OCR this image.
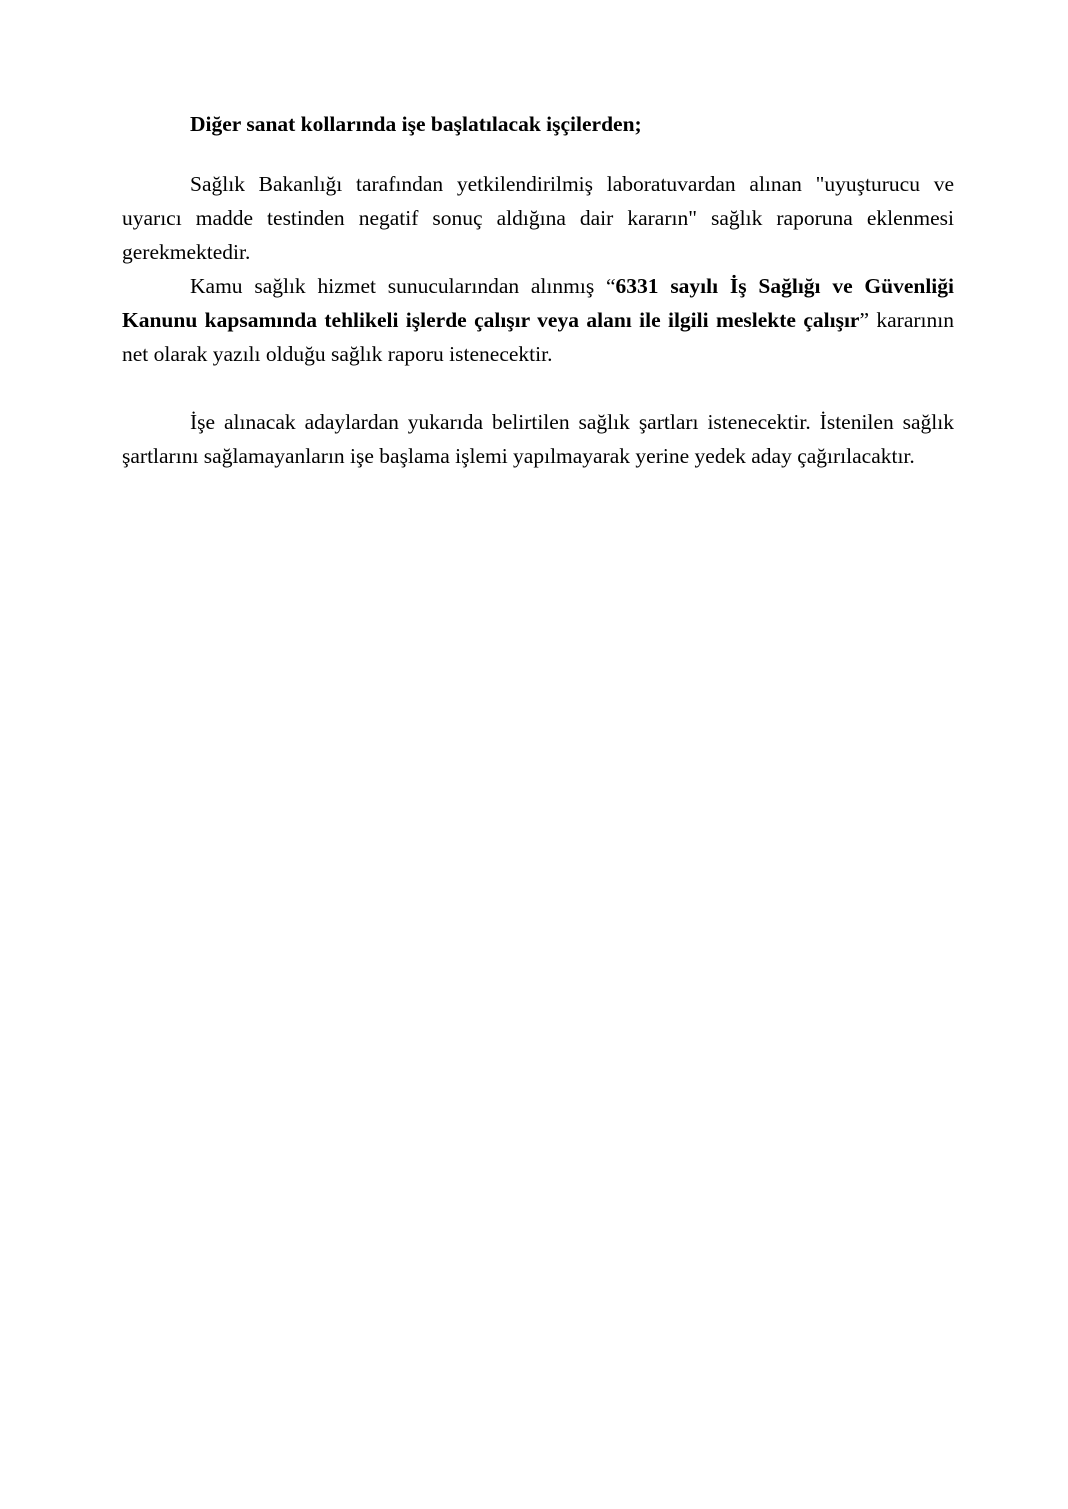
Diğer sanat kollarında işe başlatılacak işçilerden;

Sağlık Bakanlığı tarafından yetkilendirilmiş laboratuvardan alınan "uyuşturucu ve uyarıcı madde testinden negatif sonuç aldığına dair kararın" sağlık raporuna eklenmesi gerekmektedir.

Kamu sağlık hizmet sunucularından alınmış “6331 sayılı İş Sağlığı ve Güvenliği Kanunu kapsamında tehlikeli işlerde çalışır veya alanı ile ilgili meslekte çalışır” kararının net olarak yazılı olduğu sağlık raporu istenecektir.

İşe alınacak adaylardan yukarıda belirtilen sağlık şartları istenecektir. İstenilen sağlık şartlarını sağlamayanların işe başlama işlemi yapılmayarak yerine yedek aday çağırılacaktır.
